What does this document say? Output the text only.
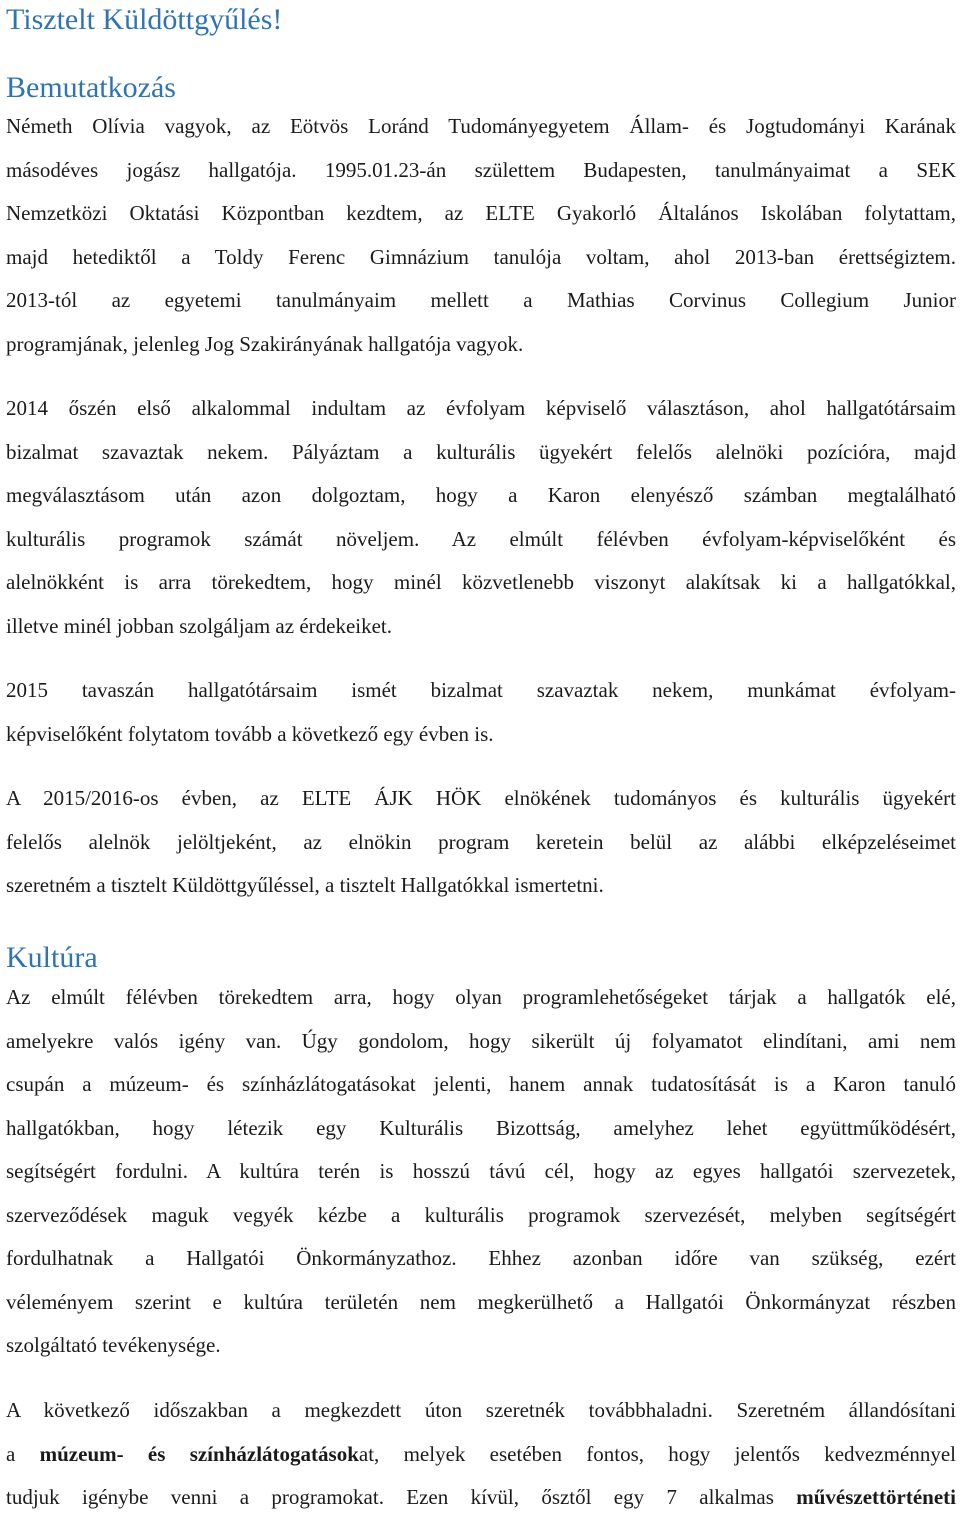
Tisztelt Küldöttgyűlés!
Bemutatkozás
Németh Olívia vagyok, az Eötvös Loránd Tudományegyetem Állam- és Jogtudományi Karának
másodéves jogász hallgatója. 1995.01.23-án születtem Budapesten, tanulmányaimat a SEK
Nemzetközi Oktatási Központban kezdtem, az ELTE Gyakorló Általános Iskolában folytattam,
majd hetediktől a Toldy Ferenc Gimnázium tanulója voltam, ahol 2013-ban érettségiztem.
2013-tól az egyetemi tanulmányaim mellett a Mathias Corvinus Collegium Junior
programjának, jelenleg Jog Szakirányának hallgatója vagyok.
2014 őszén első alkalommal indultam az évfolyam képviselő választáson, ahol hallgatótársaim
bizalmat szavaztak nekem. Pályáztam a kulturális ügyekért felelős alelnöki pozícióra, majd
megválasztásom után azon dolgoztam, hogy a Karon elenyésző számban megtalálható
kulturális programok számát növeljem. Az elmúlt félévben évfolyam-képviselőként és
alelnökként is arra törekedtem, hogy minél közvetlenebb viszonyt alakítsak ki a hallgatókkal,
illetve minél jobban szolgáljam az érdekeiket.
2015 tavaszán hallgatótársaim ismét bizalmat szavaztak nekem, munkámat évfolyam-
képviselőként folytatom tovább a következő egy évben is.
A 2015/2016-os évben, az ELTE ÁJK HÖK elnökének tudományos és kulturális ügyekért
felelős alelnök jelöltjeként, az elnökin program keretein belül az alábbi elképzeléseimet
szeretném a tisztelt Küldöttgyűléssel, a tisztelt Hallgatókkal ismertetni.
Kultúra
Az elmúlt félévben törekedtem arra, hogy olyan programlehetőségeket tárjak a hallgatók elé,
amelyekre valós igény van. Úgy gondolom, hogy sikerült új folyamatot elindítani, ami nem
csupán a múzeum- és színházlátogatásokat jelenti, hanem annak tudatosítását is a Karon tanuló
hallgatókban, hogy létezik egy Kulturális Bizottság, amelyhez lehet együttműködésért,
segítségért fordulni. A kultúra terén is hosszú távú cél, hogy az egyes hallgatói szervezetek,
szerveződések maguk vegyék kézbe a kulturális programok szervezését, melyben segítségért
fordulhatnak a Hallgatói Önkormányzathoz. Ehhez azonban időre van szükség, ezért
véleményem szerint e kultúra területén nem megkerülhető a Hallgatói Önkormányzat részben
szolgáltató tevékenysége.
A következő időszakban a megkezdett úton szeretnék továbbhaladni. Szeretném állandósítani
a múzeum- és színházlátogatásokat, melyek esetében fontos, hogy jelentős kedvezménnyel
tudjuk igénybe venni a programokat. Ezen kívül, ősztől egy 7 alkalmas művészettörténeti
